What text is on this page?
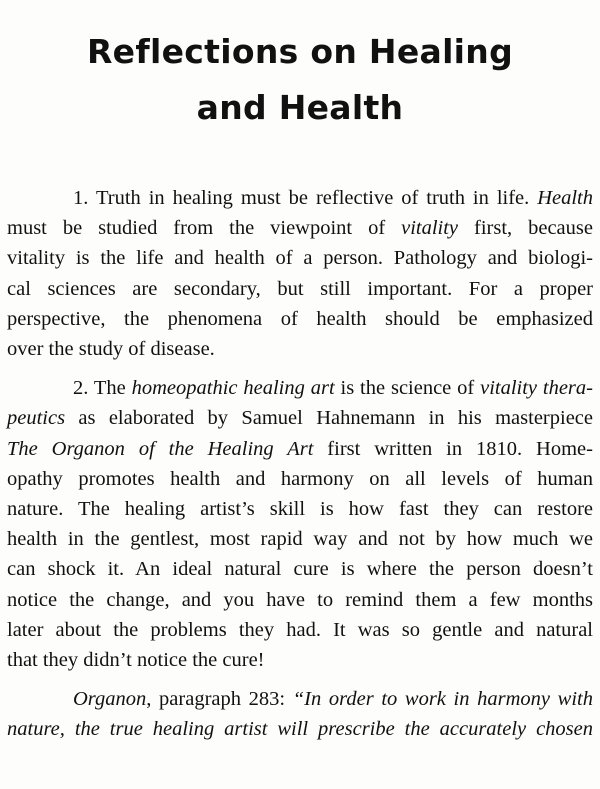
Reflections on Healing
and Health

1. Truth in healing must be reflective of truth in life. Health
must be studied from the viewpoint of vitality first, because
vitality is the life and health of a person. Pathology and biologi-
cal sciences are secondary, but still important. For a proper
perspective, the phenomena of health should be emphasized
over the study of disease.

2. The homeopathic healing art is the science of vitality thera-
peutics as elaborated by Samuel Hahnemann in his masterpiece
The Organon of the Healing Art first written in 1810. Home-
opathy promotes health and harmony on all levels of human
nature. The healing artist’s skill is how fast they can restore
health in the gentlest, most rapid way and not by how much we
can shock it. An ideal natural cure is where the person doesn’t
notice the change, and you have to remind them a few months
later about the problems they had. It was so gentle and natural
that they didn’t notice the cure!

Organon, paragraph 283: “In order to work in harmony with
nature, the true healing artist will prescribe the accurately chosen
